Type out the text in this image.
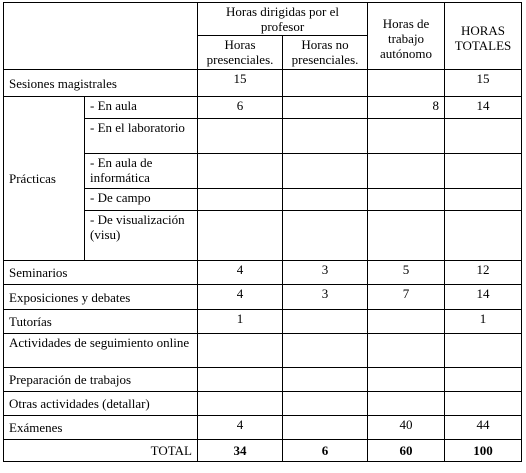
		Horas dirigidas por el profesor		Horas de trabajo autónomo	HORAS TOTALES
		Horas presenciales.	Horas no presenciales.		
Sesiones magistrales		15			15
Prácticas	- En aula	6		8	14
	- En el laboratorio				
	- En aula de informática				
	- De campo				
	- De visualización (visu)				
Seminarios		4	3	5	12
Exposiciones y debates		4	3	7	14
Tutorías		1			1
Actividades de seguimiento online					
Preparación de trabajos					
Otras actividades (detallar)					
Exámenes		4		40	44
TOTAL		34	6	60	100
